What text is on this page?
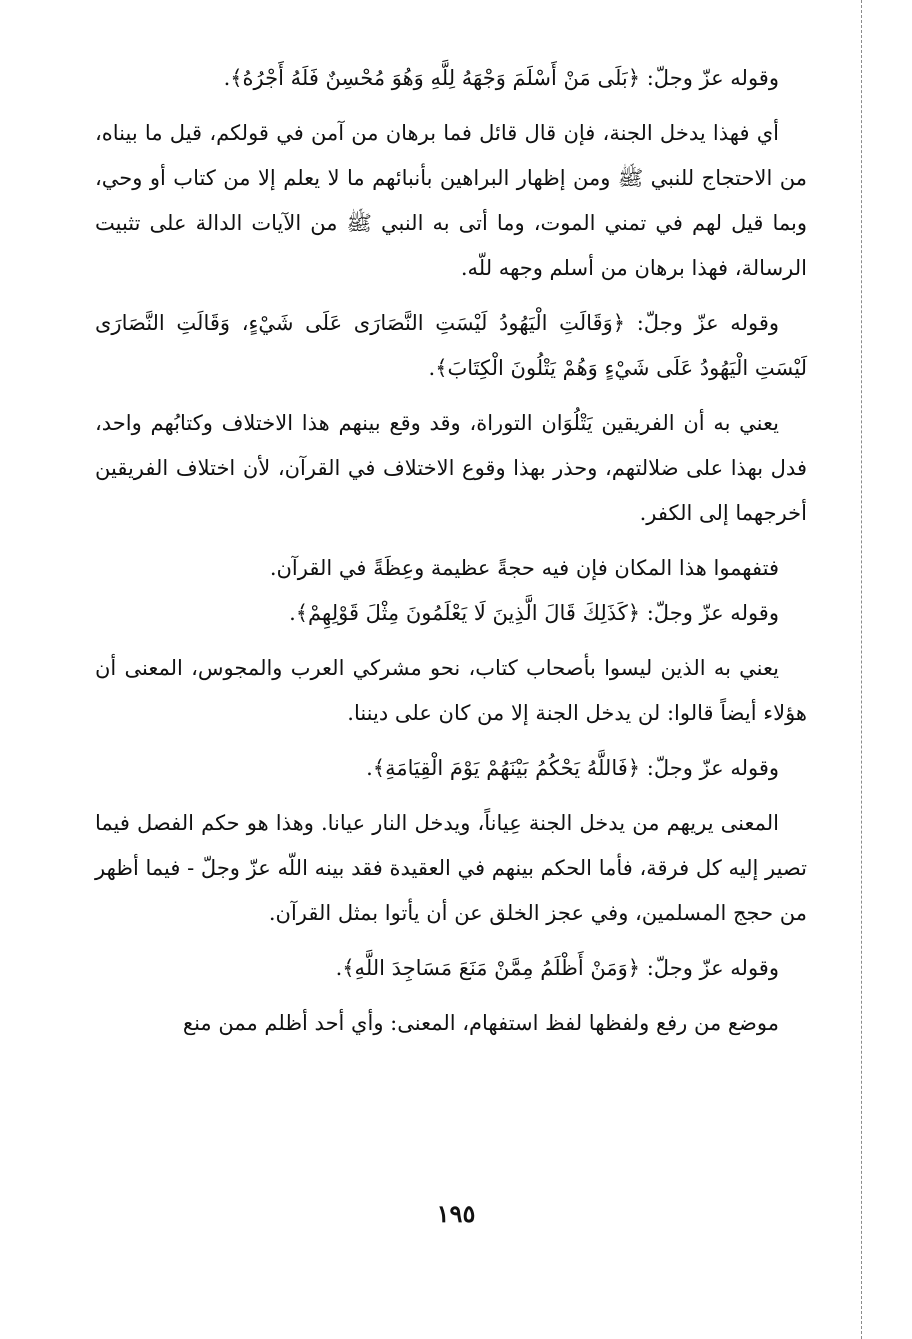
وقوله عزّ وجلّ: ﴿بَلَى مَنْ أَسْلَمَ وَجْهَهُ لِلَّهِ وَهُوَ مُحْسِنٌ فَلَهُ أَجْرُهُ﴾.

أي فهذا يدخل الجنة، فإن قال قائل فما برهان من آمن في قولكم، قيل ما بيناه، من الاحتجاج للنبي ﷺ ومن إظهار البراهين بأنبائهم ما لا يعلم إلا من كتاب أو وحي، وبما قيل لهم في تمني الموت، وما أتى به النبي ﷺ من الآيات الدالة على تثبيت الرسالة، فهذا برهان من أسلم وجهه للّه.

وقوله عزّ وجلّ: ﴿وَقَالَتِ الْيَهُودُ لَيْسَتِ النَّصَارَى عَلَى شَيْءٍ، وَقَالَتِ النَّصَارَى لَيْسَتِ الْيَهُودُ عَلَى شَيْءٍ وَهُمْ يَتْلُونَ الْكِتَابَ﴾.

يعني به أن الفريقين يَتْلُوَان التوراة، وقد وقع بينهم هذا الاختلاف وكتابُهم واحد، فدل بهذا على ضلالتهم، وحذر بهذا وقوع الاختلاف في القرآن، لأن اختلاف الفريقين أخرجهما إلى الكفر.

فتفهموا هذا المكان فإن فيه حجةً عظيمة وعِظَةً في القرآن.

وقوله عزّ وجلّ: ﴿كَذَلِكَ قَالَ الَّذِينَ لَا يَعْلَمُونَ مِثْلَ قَوْلِهِمْ﴾.

يعني به الذين ليسوا بأصحاب كتاب، نحو مشركي العرب والمجوس، المعنى أن هؤلاء أيضاً قالوا: لن يدخل الجنة إلا من كان على ديننا.

وقوله عزّ وجلّ: ﴿فَاللَّهُ يَحْكُمُ بَيْنَهُمْ يَوْمَ الْقِيَامَةِ﴾.

المعنى يريهم من يدخل الجنة عِياناً، ويدخل النار عيانا. وهذا هو حكم الفصل فيما تصير إليه كل فرقة، فأما الحكم بينهم في العقيدة فقد بينه اللّه عزّ وجلّ - فيما أظهر من حجج المسلمين، وفي عجز الخلق عن أن يأتوا بمثل القرآن.

وقوله عزّ وجلّ: ﴿وَمَنْ أَظْلَمُ مِمَّنْ مَنَعَ مَسَاجِدَ اللَّهِ﴾.

موضع من رفع ولفظها لفظ استفهام، المعنى: وأي أحد أظلم ممن منع

١٩٥
